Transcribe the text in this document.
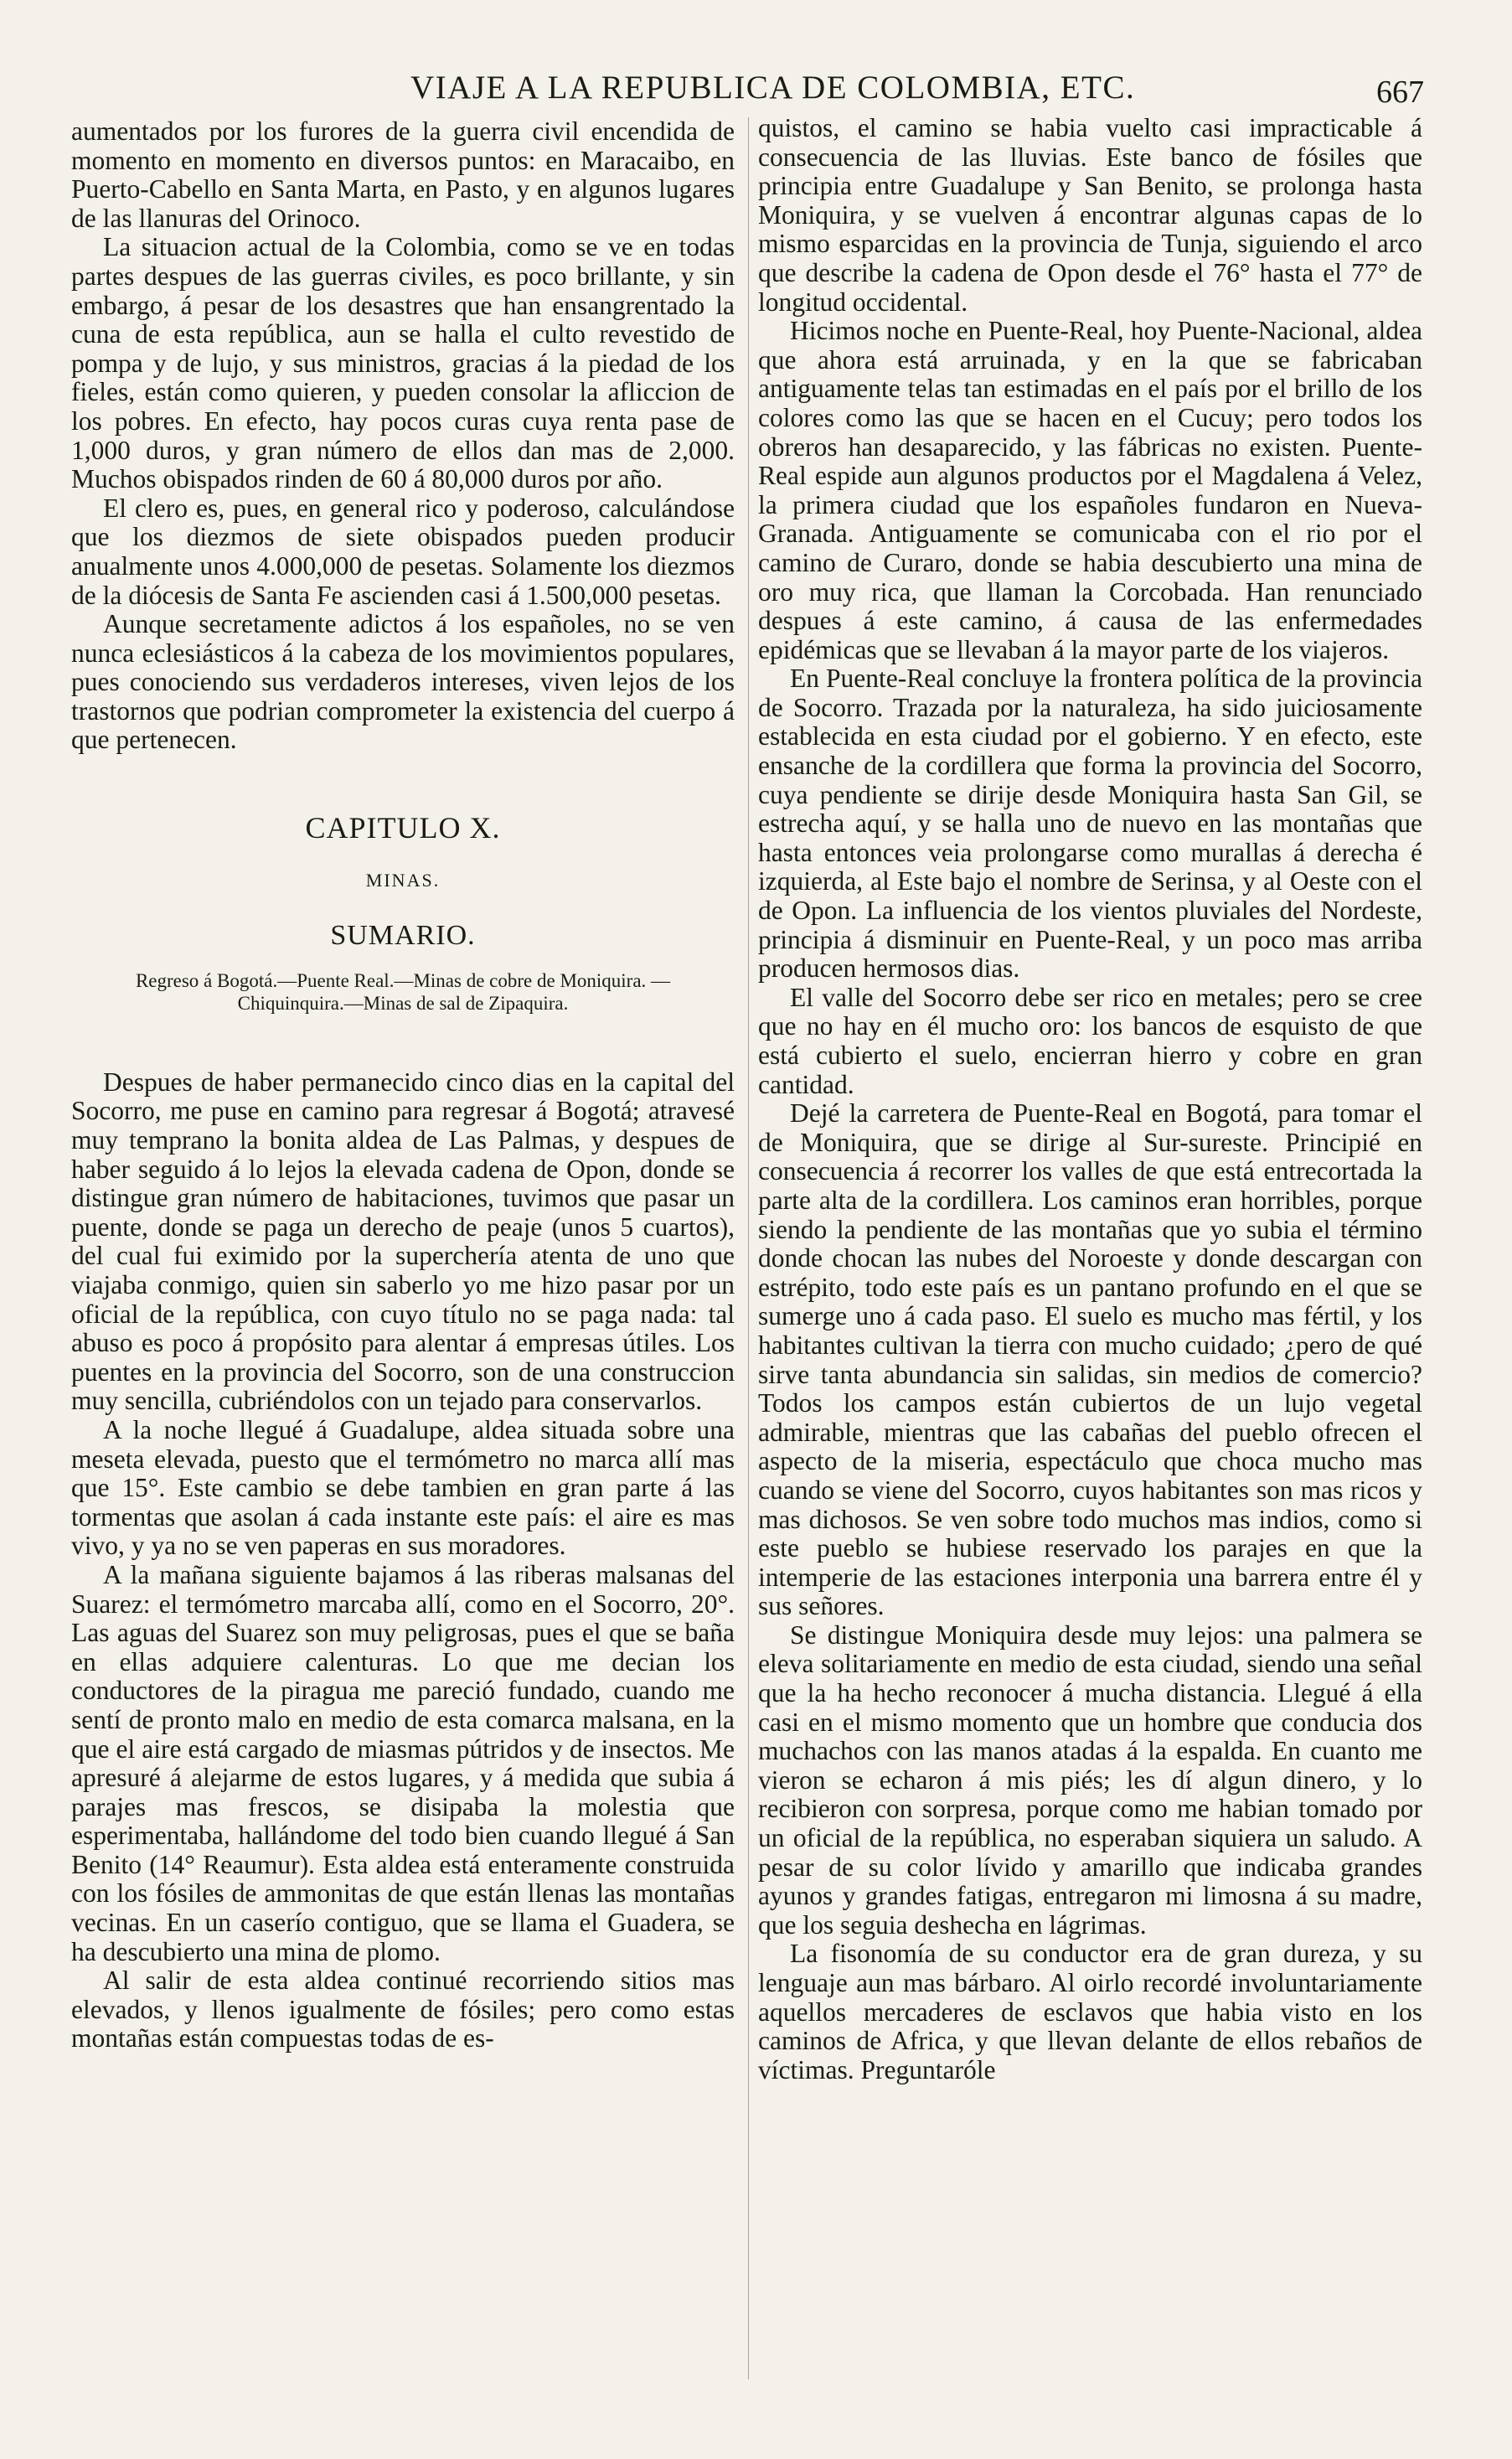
VIAJE A LA REPUBLICA DE COLOMBIA, ETC.	667

aumentados por los furores de la guerra civil encendida de momento en momento en diversos puntos: en Maracaibo, en Puerto-Cabello en Santa Marta, en Pasto, y en algunos lugares de las llanuras del Orinoco.

La situacion actual de la Colombia, como se ve en todas partes despues de las guerras civiles, es poco brillante, y sin embargo, á pesar de los desastres que han ensangrentado la cuna de esta república, aun se halla el culto revestido de pompa y de lujo, y sus ministros, gracias á la piedad de los fieles, están como quieren, y pueden consolar la afliccion de los pobres. En efecto, hay pocos curas cuya renta pase de 1,000 duros, y gran número de ellos dan mas de 2,000. Muchos obispados rinden de 60 á 80,000 duros por año.

El clero es, pues, en general rico y poderoso, calculándose que los diezmos de siete obispados pueden producir anualmente unos 4.000,000 de pesetas. Solamente los diezmos de la diócesis de Santa Fe ascienden casi á 1.500,000 pesetas.

Aunque secretamente adictos á los españoles, no se ven nunca eclesiásticos á la cabeza de los movimientos populares, pues conociendo sus verdaderos intereses, viven lejos de los trastornos que podrian comprometer la existencia del cuerpo á que pertenecen.

CAPITULO X.

MINAS.

SUMARIO.

Regreso á Bogotá.—Puente Real.—Minas de cobre de Moniquira. —Chiquinquira.—Minas de sal de Zipaquira.

Despues de haber permanecido cinco dias en la capital del Socorro, me puse en camino para regresar á Bogotá; atravesé muy temprano la bonita aldea de Las Palmas, y despues de haber seguido á lo lejos la elevada cadena de Opon, donde se distingue gran número de habitaciones, tuvimos que pasar un puente, donde se paga un derecho de peaje (unos 5 cuartos), del cual fui eximido por la superchería atenta de uno que viajaba conmigo, quien sin saberlo yo me hizo pasar por un oficial de la república, con cuyo título no se paga nada: tal abuso es poco á propósito para alentar á empresas útiles. Los puentes en la provincia del Socorro, son de una construccion muy sencilla, cubriéndolos con un tejado para conservarlos.

A la noche llegué á Guadalupe, aldea situada sobre una meseta elevada, puesto que el termómetro no marca allí mas que 15°. Este cambio se debe tambien en gran parte á las tormentas que asolan á cada instante este país: el aire es mas vivo, y ya no se ven paperas en sus moradores.

A la mañana siguiente bajamos á las riberas malsanas del Suarez: el termómetro marcaba allí, como en el Socorro, 20°. Las aguas del Suarez son muy peligrosas, pues el que se baña en ellas adquiere calenturas. Lo que me decian los conductores de la piragua me pareció fundado, cuando me sentí de pronto malo en medio de esta comarca malsana, en la que el aire está cargado de miasmas pútridos y de insectos. Me apresuré á alejarme de estos lugares, y á medida que subia á parajes mas frescos, se disipaba la molestia que esperimentaba, hallándome del todo bien cuando llegué á San Benito (14° Reaumur). Esta aldea está enteramente construida con los fósiles de ammonitas de que están llenas las montañas vecinas. En un caserío contiguo, que se llama el Guadera, se ha descubierto una mina de plomo.

Al salir de esta aldea continué recorriendo sitios mas elevados, y llenos igualmente de fósiles; pero como estas montañas están compuestas todas de es-

quistos, el camino se habia vuelto casi impracticable á consecuencia de las lluvias. Este banco de fósiles que principia entre Guadalupe y San Benito, se prolonga hasta Moniquira, y se vuelven á encontrar algunas capas de lo mismo esparcidas en la provincia de Tunja, siguiendo el arco que describe la cadena de Opon desde el 76° hasta el 77° de longitud occidental.

Hicimos noche en Puente-Real, hoy Puente-Nacional, aldea que ahora está arruinada, y en la que se fabricaban antiguamente telas tan estimadas en el país por el brillo de los colores como las que se hacen en el Cucuy; pero todos los obreros han desaparecido, y las fábricas no existen. Puente-Real espide aun algunos productos por el Magdalena á Velez, la primera ciudad que los españoles fundaron en Nueva-Granada. Antiguamente se comunicaba con el rio por el camino de Curaro, donde se habia descubierto una mina de oro muy rica, que llaman la Corcobada. Han renunciado despues á este camino, á causa de las enfermedades epidémicas que se llevaban á la mayor parte de los viajeros.

En Puente-Real concluye la frontera política de la provincia de Socorro. Trazada por la naturaleza, ha sido juiciosamente establecida en esta ciudad por el gobierno. Y en efecto, este ensanche de la cordillera que forma la provincia del Socorro, cuya pendiente se dirije desde Moniquira hasta San Gil, se estrecha aquí, y se halla uno de nuevo en las montañas que hasta entonces veia prolongarse como murallas á derecha é izquierda, al Este bajo el nombre de Serinsa, y al Oeste con el de Opon. La influencia de los vientos pluviales del Nordeste, principia á disminuir en Puente-Real, y un poco mas arriba producen hermosos dias.

El valle del Socorro debe ser rico en metales; pero se cree que no hay en él mucho oro: los bancos de esquisto de que está cubierto el suelo, encierran hierro y cobre en gran cantidad.

Dejé la carretera de Puente-Real en Bogotá, para tomar el de Moniquira, que se dirige al Sur-sureste. Principié en consecuencia á recorrer los valles de que está entrecortada la parte alta de la cordillera. Los caminos eran horribles, porque siendo la pendiente de las montañas que yo subia el término donde chocan las nubes del Noroeste y donde descargan con estrépito, todo este país es un pantano profundo en el que se sumerge uno á cada paso. El suelo es mucho mas fértil, y los habitantes cultivan la tierra con mucho cuidado; ¿pero de qué sirve tanta abundancia sin salidas, sin medios de comercio? Todos los campos están cubiertos de un lujo vegetal admirable, mientras que las cabañas del pueblo ofrecen el aspecto de la miseria, espectáculo que choca mucho mas cuando se viene del Socorro, cuyos habitantes son mas ricos y mas dichosos. Se ven sobre todo muchos mas indios, como si este pueblo se hubiese reservado los parajes en que la intemperie de las estaciones interponia una barrera entre él y sus señores.

Se distingue Moniquira desde muy lejos: una palmera se eleva solitariamente en medio de esta ciudad, siendo una señal que la ha hecho reconocer á mucha distancia. Llegué á ella casi en el mismo momento que un hombre que conducia dos muchachos con las manos atadas á la espalda. En cuanto me vieron se echaron á mis piés; les dí algun dinero, y lo recibieron con sorpresa, porque como me habian tomado por un oficial de la república, no esperaban siquiera un saludo. A pesar de su color lívido y amarillo que indicaba grandes ayunos y grandes fatigas, entregaron mi limosna á su madre, que los seguia deshecha en lágrimas.

La fisonomía de su conductor era de gran dureza, y su lenguaje aun mas bárbaro. Al oirlo recordé involuntariamente aquellos mercaderes de esclavos que habia visto en los caminos de Africa, y que llevan delante de ellos rebaños de víctimas. Preguntaróle
